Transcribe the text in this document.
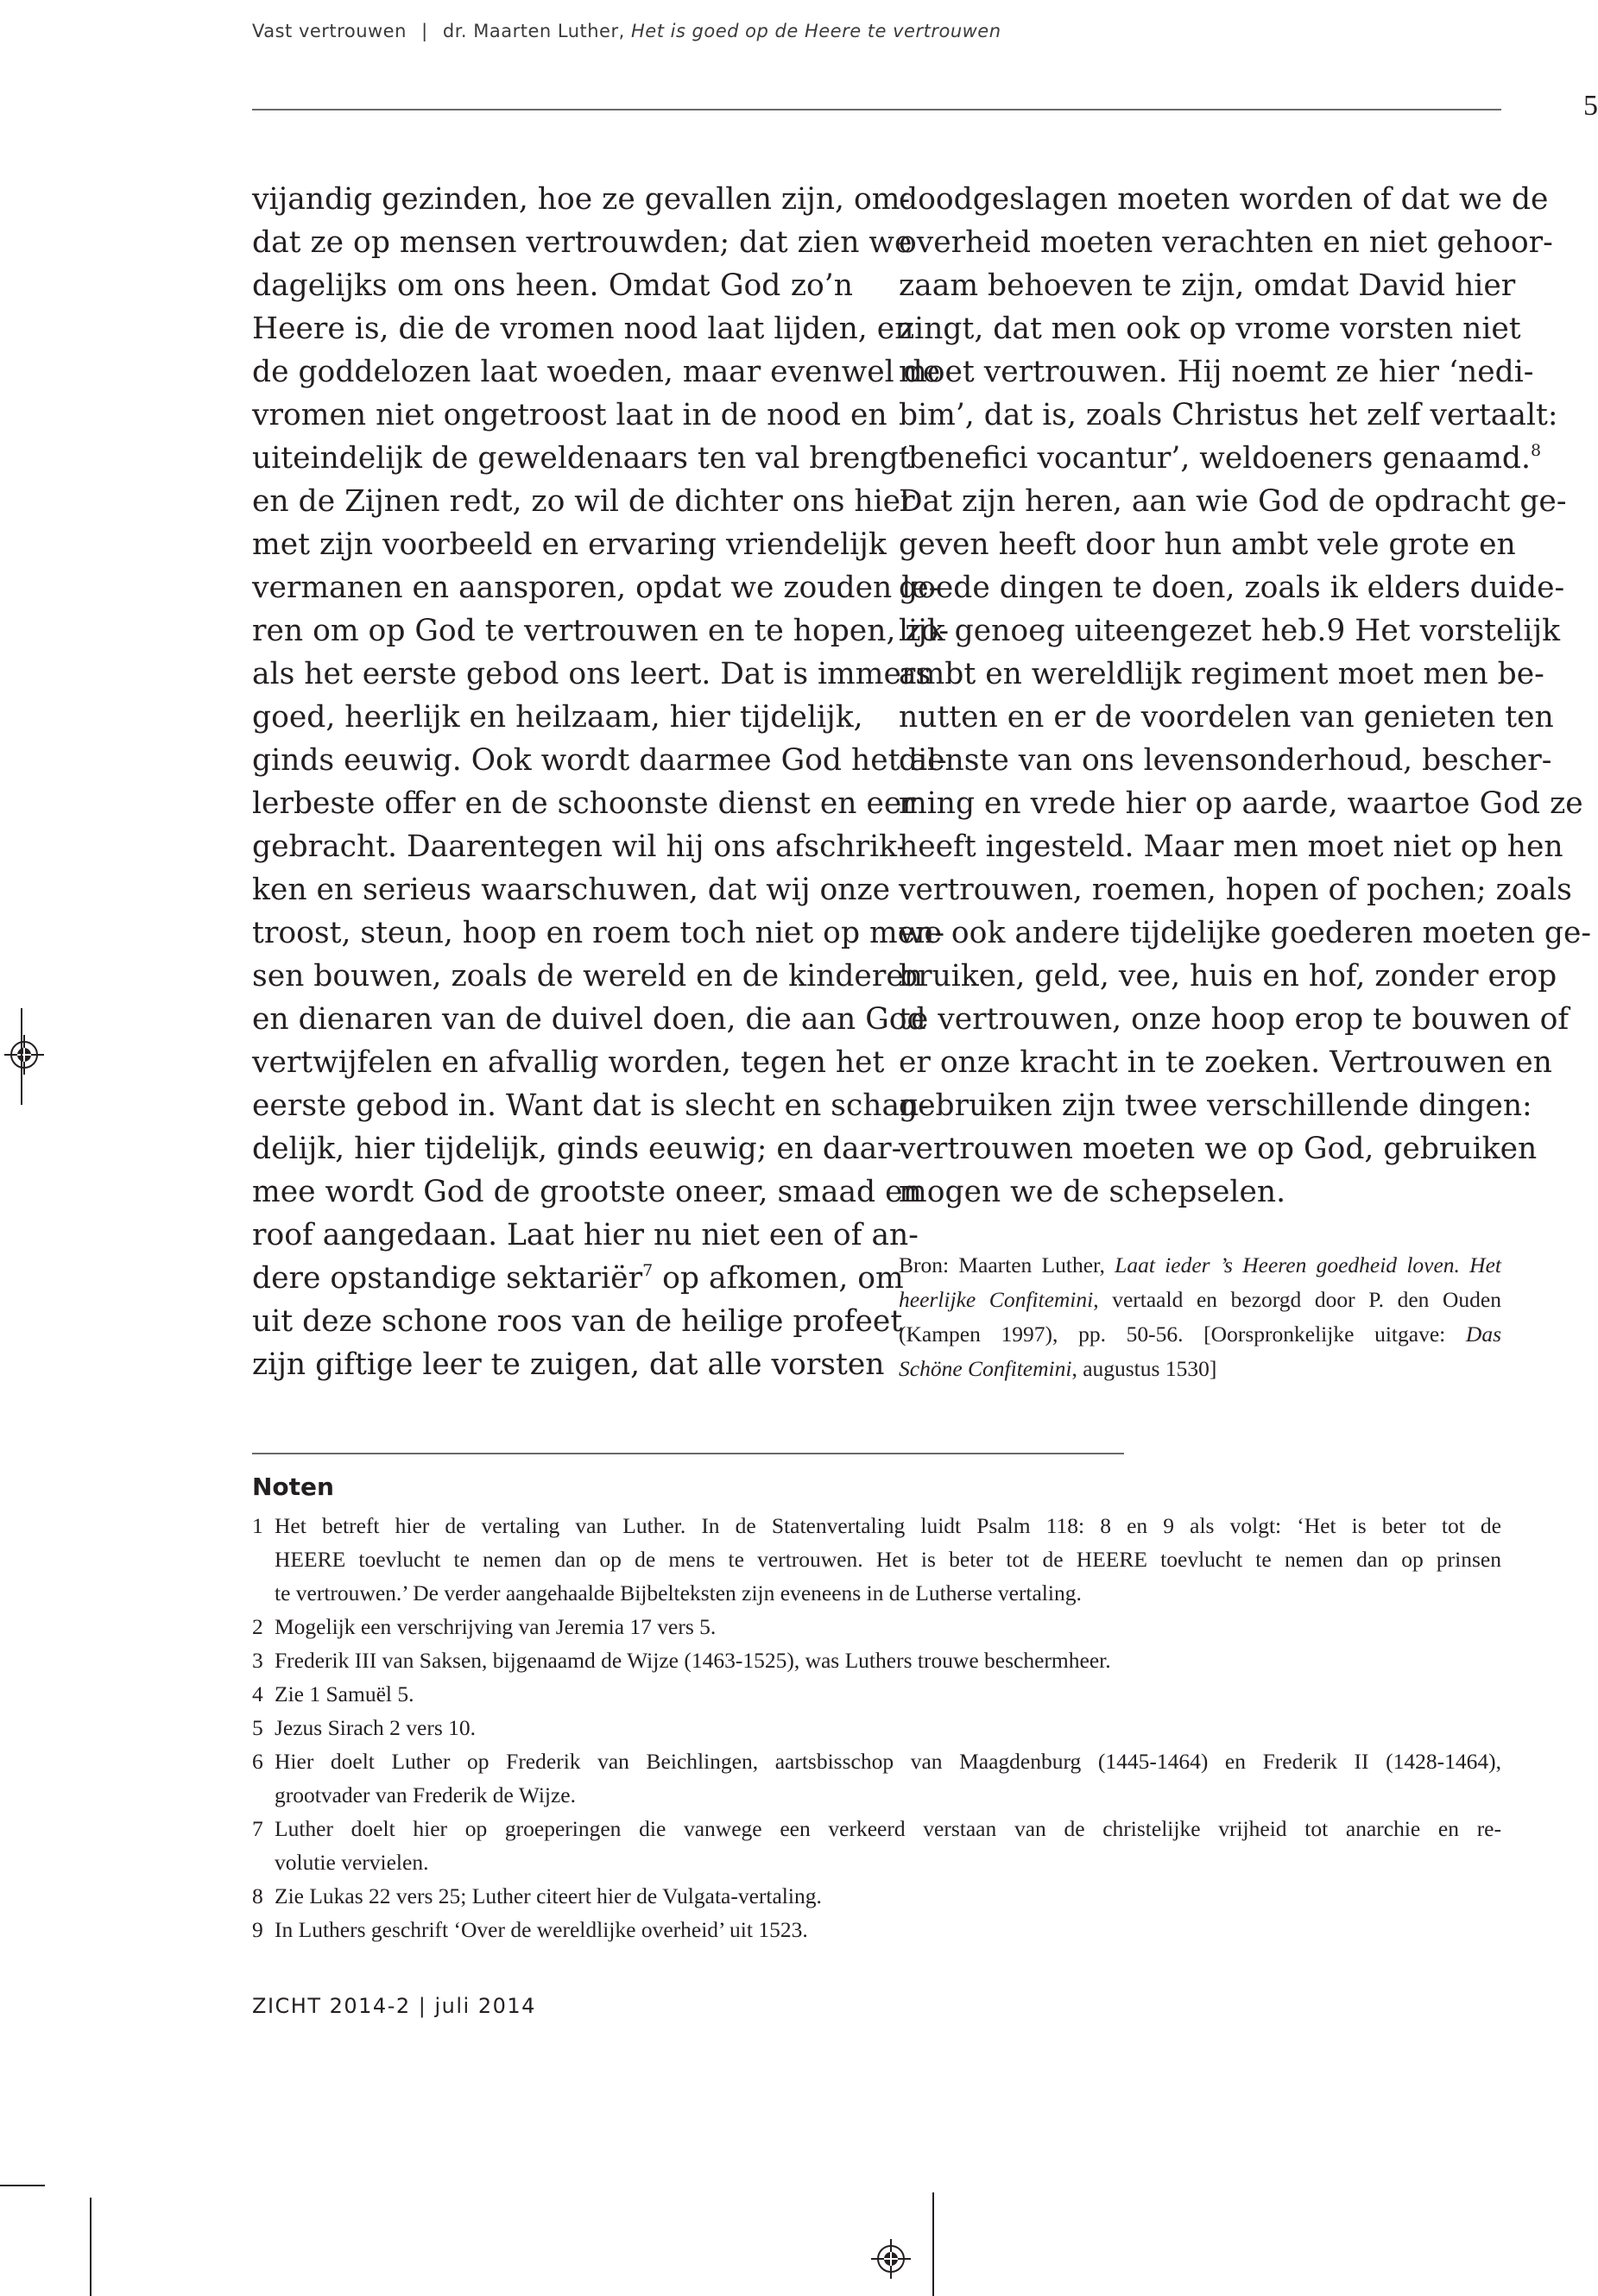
Vast vertrouwen | dr. Maarten Luther, Het is goed op de Heere te vertrouwen
5
vijandig gezinden, hoe ze gevallen zijn, om-
dat ze op mensen vertrouwden; dat zien we
dagelijks om ons heen. Omdat God zo’n
Heere is, die de vromen nood laat lijden, en
de goddelozen laat woeden, maar evenwel de
vromen niet ongetroost laat in de nood en
uiteindelijk de geweldenaars ten val brengt
en de Zijnen redt, zo wil de dichter ons hier
met zijn voorbeeld en ervaring vriendelijk
vermanen en aansporen, opdat we zouden le-
ren om op God te vertrouwen en te hopen, zo-
als het eerste gebod ons leert. Dat is immers
goed, heerlijk en heilzaam, hier tijdelijk,
ginds eeuwig. Ook wordt daarmee God het al-
lerbeste offer en de schoonste dienst en eer
gebracht. Daarentegen wil hij ons afschrik-
ken en serieus waarschuwen, dat wij onze
troost, steun, hoop en roem toch niet op men-
sen bouwen, zoals de wereld en de kinderen
en dienaren van de duivel doen, die aan God
vertwijfelen en afvallig worden, tegen het
eerste gebod in. Want dat is slecht en schan-
delijk, hier tijdelijk, ginds eeuwig; en daar-
mee wordt God de grootste oneer, smaad en
roof aangedaan. Laat hier nu niet een of an-
dere opstandige sektariër$^7$ op afkomen, om
uit deze schone roos van de heilige profeet
zijn giftige leer te zuigen, dat alle vorsten
doodgeslagen moeten worden of dat we de
overheid moeten verachten en niet gehoor-
zaam behoeven te zijn, omdat David hier
zingt, dat men ook op vrome vorsten niet
moet vertrouwen. Hij noemt ze hier ‘nedi-
bim’, dat is, zoals Christus het zelf vertaalt:
‘benefici vocantur’, weldoeners genaamd.$^8$
Dat zijn heren, aan wie God de opdracht ge-
geven heeft door hun ambt vele grote en
goede dingen te doen, zoals ik elders duide-
lijk genoeg uiteengezet heb.9 Het vorstelijk
ambt en wereldlijk regiment moet men be-
nutten en er de voordelen van genieten ten
dienste van ons levensonderhoud, bescher-
ming en vrede hier op aarde, waartoe God ze
heeft ingesteld. Maar men moet niet op hen
vertrouwen, roemen, hopen of pochen; zoals
we ook andere tijdelijke goederen moeten ge-
bruiken, geld, vee, huis en hof, zonder erop
te vertrouwen, onze hoop erop te bouwen of
er onze kracht in te zoeken. Vertrouwen en
gebruiken zijn twee verschillende dingen:
vertrouwen moeten we op God, gebruiken
mogen we de schepselen.
Bron: Maarten Luther, Laat ieder ’s Heeren goedheid loven. Het
heerlijke Confitemini, vertaald en bezorgd door P. den Ouden
(Kampen 1997), pp. 50-56. [Oorspronkelijke uitgave: Das
Schöne Confitemini, augustus 1530]
Noten
1 Het betreft hier de vertaling van Luther. In de Statenvertaling luidt Psalm 118: 8 en 9 als volgt: ‘Het is beter tot de
HEERE toevlucht te nemen dan op de mens te vertrouwen. Het is beter tot de HEERE toevlucht te nemen dan op prinsen
te vertrouwen.’ De verder aangehaalde Bijbelteksten zijn eveneens in de Lutherse vertaling.
2 Mogelijk een verschrijving van Jeremia 17 vers 5.
3 Frederik III van Saksen, bijgenaamd de Wijze (1463-1525), was Luthers trouwe beschermheer.
4 Zie 1 Samuël 5.
5 Jezus Sirach 2 vers 10.
6 Hier doelt Luther op Frederik van Beichlingen, aartsbisschop van Maagdenburg (1445-1464) en Frederik II (1428-1464),
grootvader van Frederik de Wijze.
7 Luther doelt hier op groeperingen die vanwege een verkeerd verstaan van de christelijke vrijheid tot anarchie en re-
volutie vervielen.
8 Zie Lukas 22 vers 25; Luther citeert hier de Vulgata-vertaling.
9 In Luthers geschrift ‘Over de wereldlijke overheid’ uit 1523.
ZICHT 2014-2 | juli 2014
